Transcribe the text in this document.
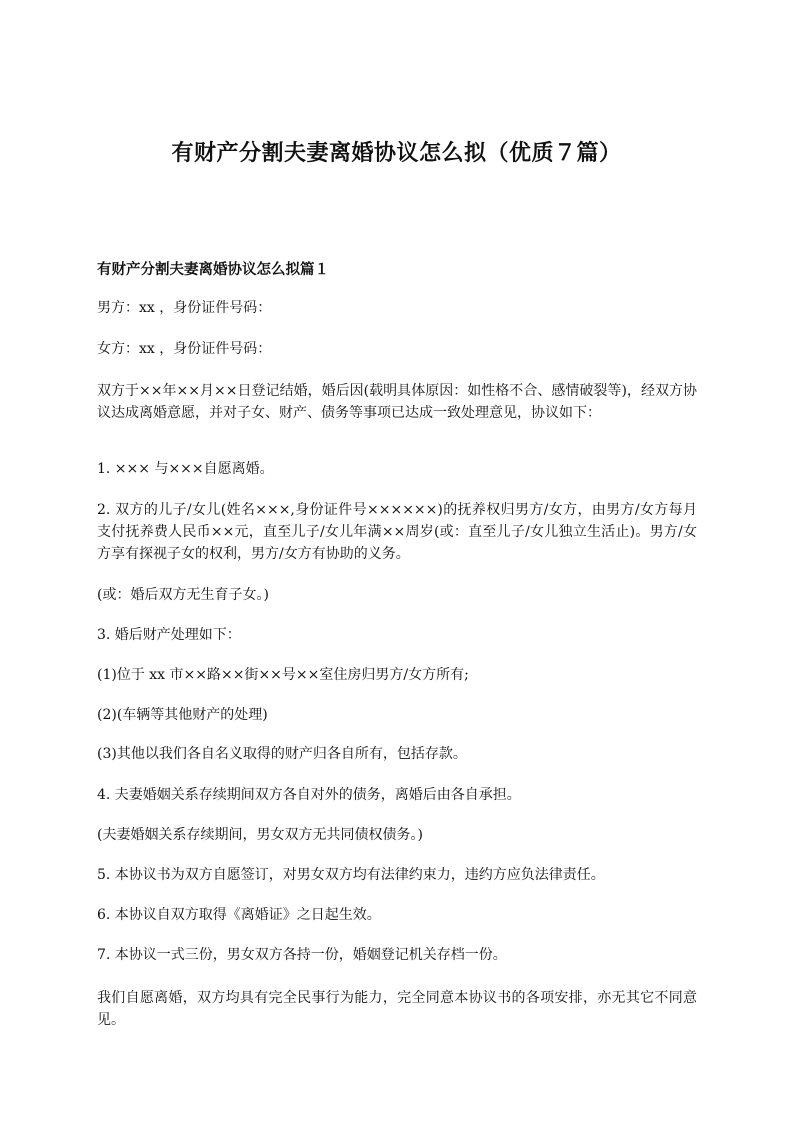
有财产分割夫妻离婚协议怎么拟（优质７篇）
有财产分割夫妻离婚协议怎么拟篇１

男方：xx ，身份证件号码：

女方：xx ，身份证件号码：

双方于××年××月××日登记结婚，婚后因(载明具体原因：如性格不合、感情破裂等)，经双方协议达成离婚意愿，并对子女、财产、债务等事项已达成一致处理意见，协议如下：

1. ××× 与×××自愿离婚。

2. 双方的儿子/女儿(姓名×××,身份证件号××××××)的抚养权归男方/女方，由男方/女方每月支付抚养费人民币××元，直至儿子/女儿年满××周岁(或：直至儿子/女儿独立生活止)。男方/女方享有探视子女的权利，男方/女方有协助的义务。

(或：婚后双方无生育子女。)

3. 婚后财产处理如下：

(1)位于 xx 市××路××街××号××室住房归男方/女方所有;

(2)(车辆等其他财产的处理)

(3)其他以我们各自名义取得的财产归各自所有，包括存款。

4. 夫妻婚姻关系存续期间双方各自对外的债务，离婚后由各自承担。

(夫妻婚姻关系存续期间，男女双方无共同债权债务。)

5. 本协议书为双方自愿签订，对男女双方均有法律约束力，违约方应负法律责任。

6. 本协议自双方取得《离婚证》之日起生效。

7. 本协议一式三份，男女双方各持一份，婚姻登记机关存档一份。

我们自愿离婚，双方均具有完全民事行为能力，完全同意本协议书的各项安排，亦无其它不同意见。
